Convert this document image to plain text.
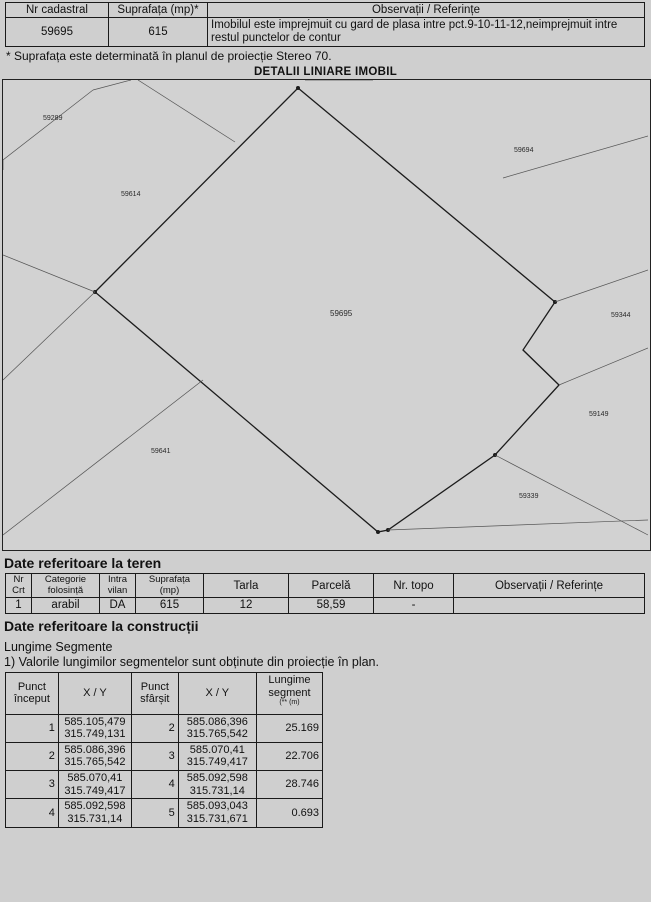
Nr cadastral	Suprafața (mp)*	Observații / Referințe
59695	615	Imobilul este imprejmuit cu gard de plasa intre pct.9-10-11-12,neimprejmuit intre restul punctelor de contur
* Suprafața este determinată în planul de proiecție Stereo 70.
DETALII LINIARE IMOBIL
59289
59614
59694
59695	59344
59149
59641
59339
Date referitoare la teren
Nr Crt	Categorie folosință	Intra vilan	Suprafața (mp)	Tarla	Parcelă	Nr. topo	Observații / Referințe
1	arabil	DA	615	12	58,59	-	
Date referitoare la construcții
Lungime Segmente
1) Valorile lungimilor segmentelor sunt obținute din proiecție în plan.
Punct început	X / Y	Punct sfârșit	X / Y	Lungime segment
$^{(** (m)}$
1	585.105,479
315.749,131	2	585.086,396
315.765,542	25.169
2	585.086,396
315.765,542	3	585.070,41
315.749,417	22.706
3	585.070,41
315.749,417	4	585.092,598
315.731,14	28.746
4	585.092,598
315.731,14	5	585.093,043
315.731,671	0.693
